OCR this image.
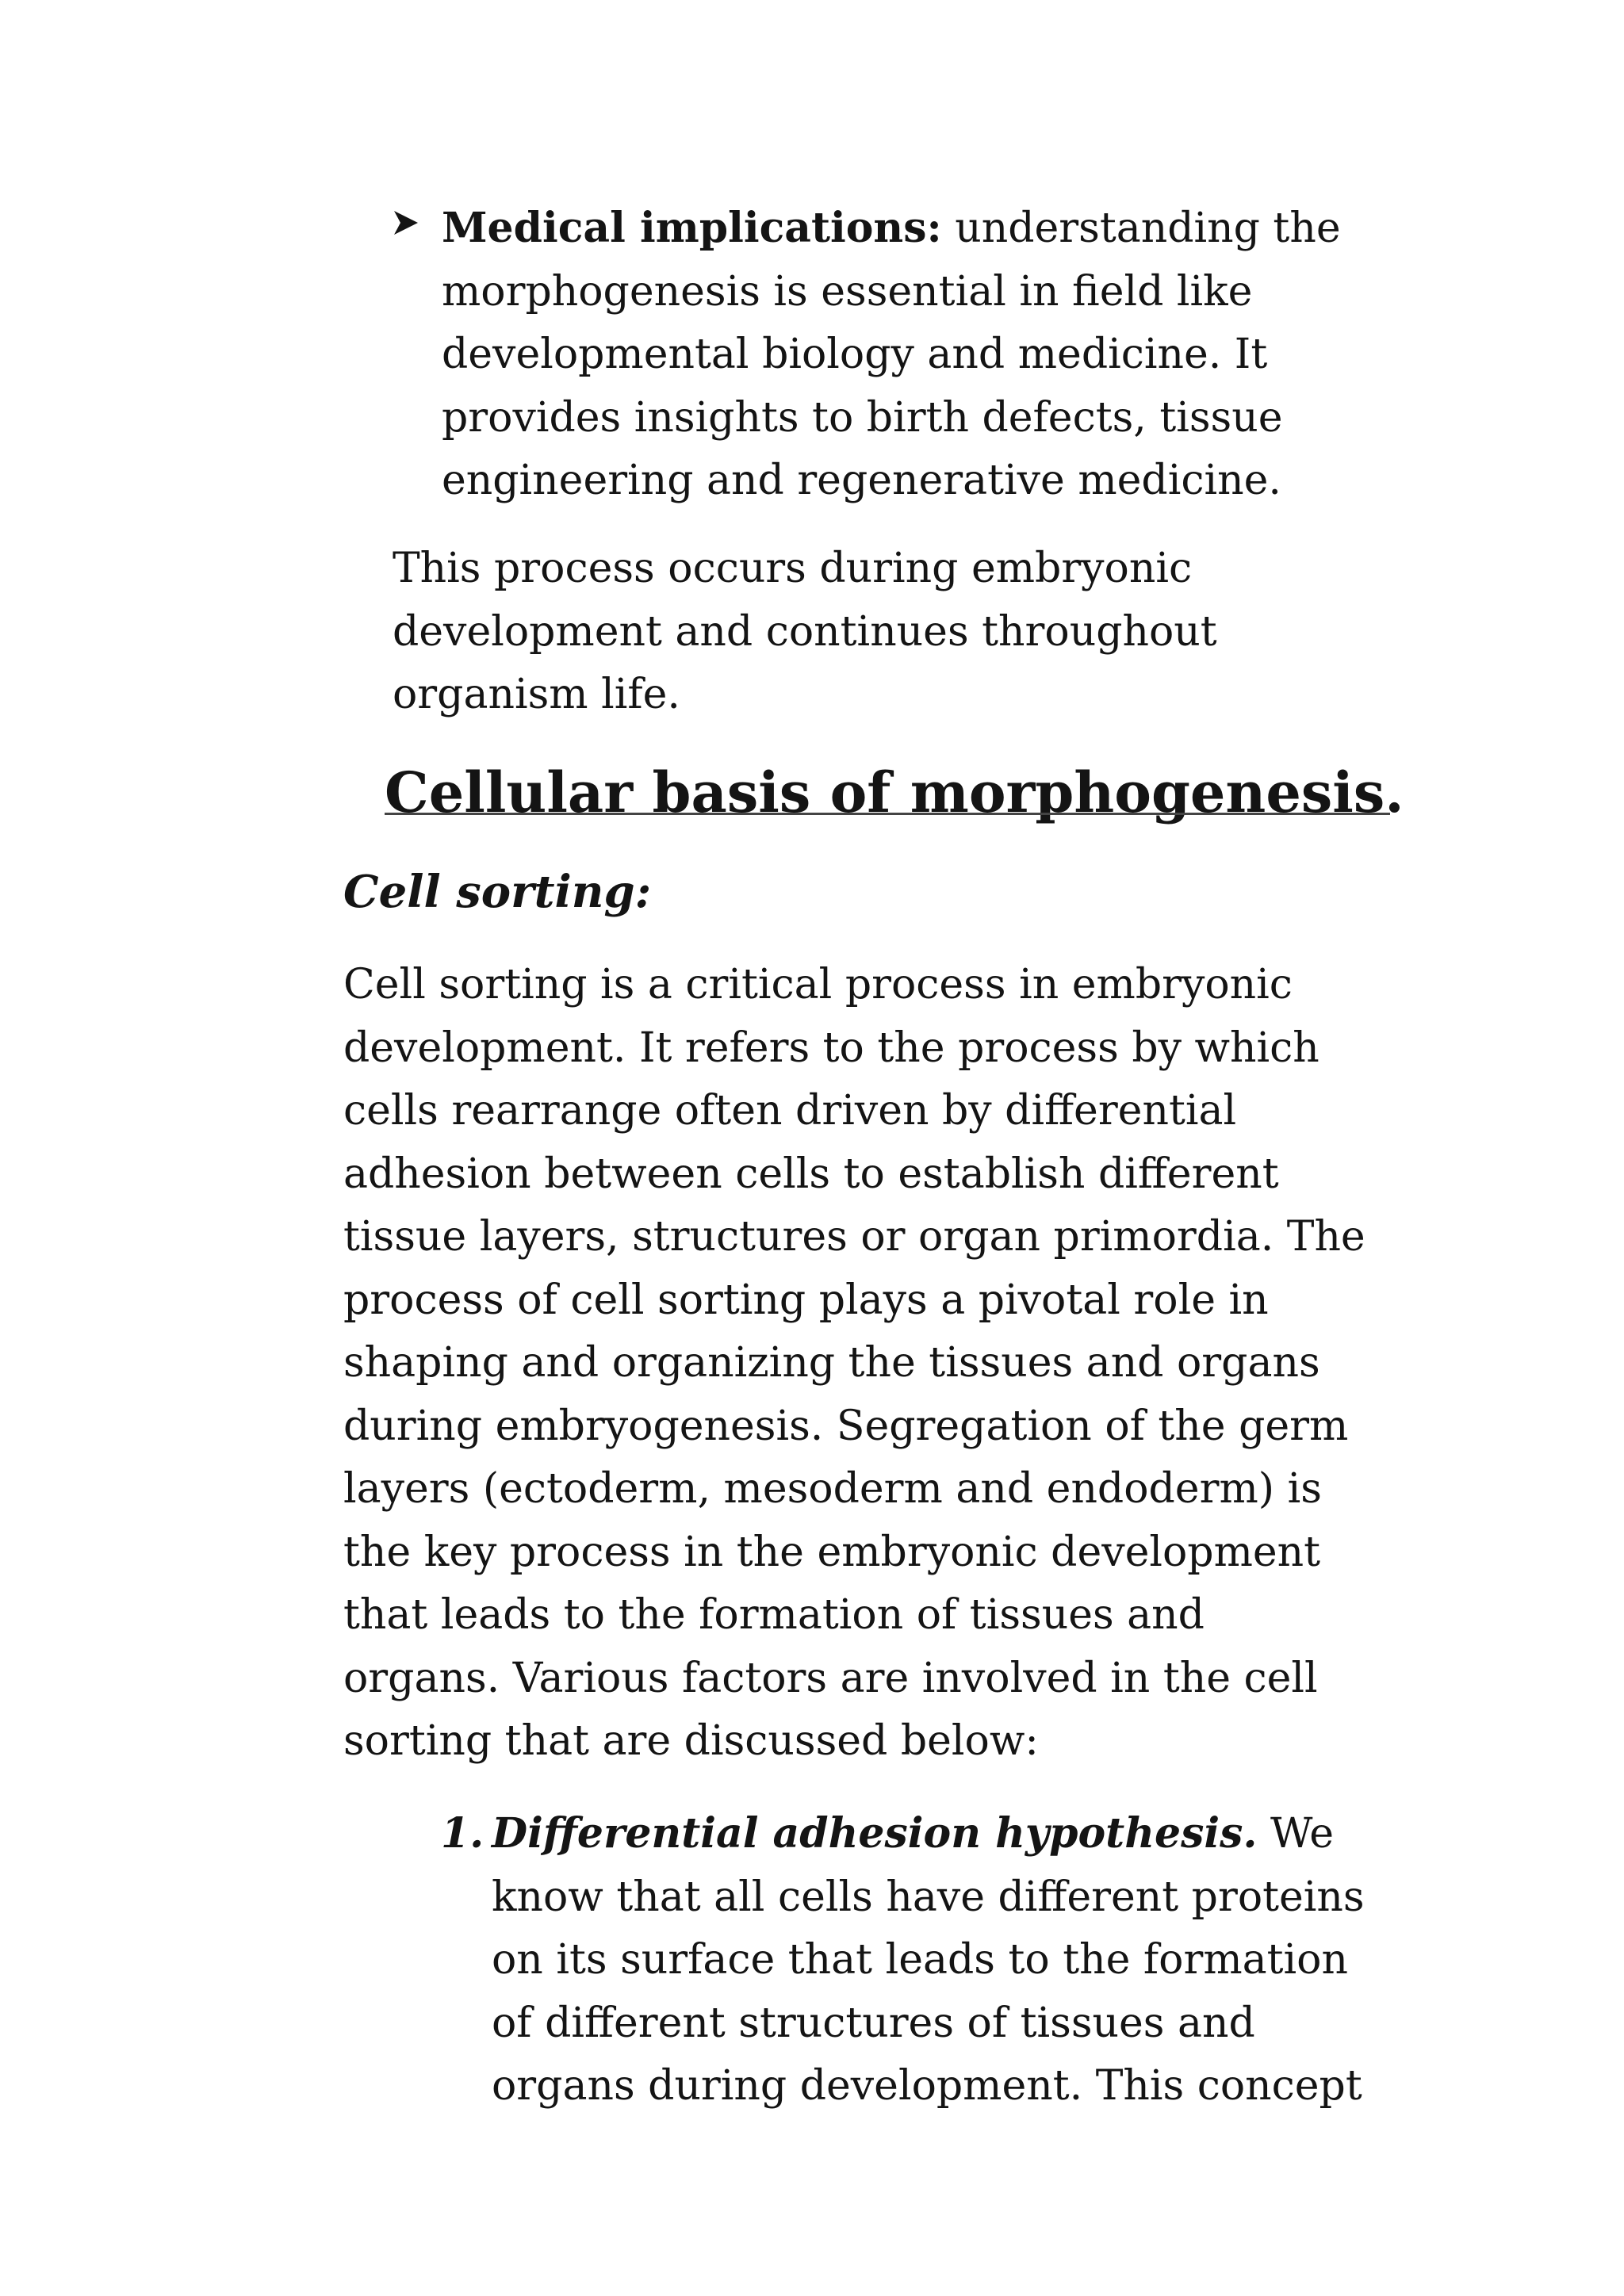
Medical implications: understanding the
morphogenesis is essential in field like
developmental biology and medicine. It
provides insights to birth defects, tissue
engineering and regenerative medicine.
This process occurs during embryonic
development and continues throughout
organism life.
Cellular basis of morphogenesis.
Cell sorting:
Cell sorting is a critical process in embryonic
development. It refers to the process by which
cells rearrange often driven by differential
adhesion between cells to establish different
tissue layers, structures or organ primordia. The
process of cell sorting plays a pivotal role in
shaping and organizing the tissues and organs
during embryogenesis. Segregation of the germ
layers (ectoderm, mesoderm and endoderm) is
the key process in the embryonic development
that leads to the formation of tissues and
organs. Various factors are involved in the cell
sorting that are discussed below:
1. Differential adhesion hypothesis. We
know that all cells have different proteins
on its surface that leads to the formation
of different structures of tissues and
organs during development. This concept
